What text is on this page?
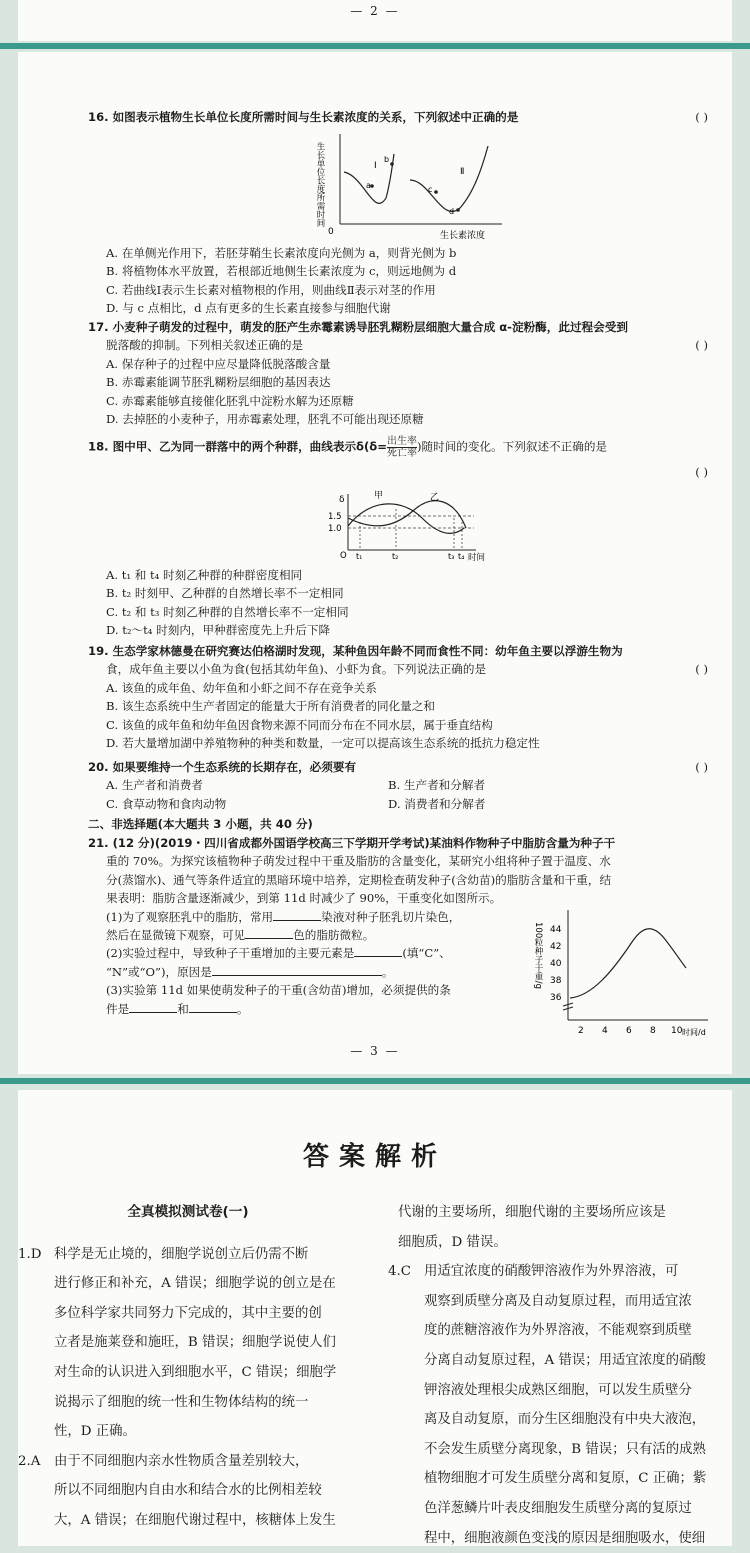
— 2 —

( )
16. 如图表示植物生长单位长度所需时间与生长素浓度的关系，下列叙述中正确的是

生长单位长度所需时间
0	生长素浓度
Ⅰ
Ⅱ
a
b
c
d

A. 在单侧光作用下，若胚芽鞘生长素浓度向光侧为 a，则背光侧为 b

B. 将植物体水平放置，若根部近地侧生长素浓度为 c，则远地侧为 d

C. 若曲线Ⅰ表示生长素对植物根的作用，则曲线Ⅱ表示对茎的作用

D. 与 c 点相比，d 点有更多的生长素直接参与细胞代谢

17. 小麦种子萌发的过程中，萌发的胚产生赤霉素诱导胚乳糊粉层细胞大量合成 α-淀粉酶，此过程会受到

( )
脱落酸的抑制。下列相关叙述正确的是

A. 保存种子的过程中应尽量降低脱落酸含量

B. 赤霉素能调节胚乳糊粉层细胞的基因表达

C. 赤霉素能够直接催化胚乳中淀粉水解为还原糖

D. 去掉胚的小麦种子，用赤霉素处理，胚乳不可能出现还原糖

18. 图中甲、乙为同一群落中的两个种群，曲线表示$\delta(\delta= \frac{\text{出生率}}{\text{死亡率}}$ )随时间的变化。下列叙述不正确的是

( )

δ
1.5
1.0
甲	乙
O t₁	t₂	t₃ t₄ 时间

A. t₁ 和 t₄ 时刻乙种群的种群密度相同

B. t₂ 时刻甲、乙种群的自然增长率不一定相同

C. t₂ 和 t₃ 时刻乙种群的自然增长率不一定相同

D. t₂～t₄ 时刻内，甲种群密度先上升后下降

19. 生态学家林德曼在研究赛达伯格湖时发现，某种鱼因年龄不同而食性不同：幼年鱼主要以浮游生物为

( )
食，成年鱼主要以小鱼为食(包括其幼年鱼)、小虾为食。下列说法正确的是

A. 该鱼的成年鱼、幼年鱼和小虾之间不存在竞争关系

B. 该生态系统中生产者固定的能量大于所有消费者的同化量之和

C. 该鱼的成年鱼和幼年鱼因食物来源不同而分布在不同水层，属于垂直结构

D. 若大量增加湖中养殖物种的种类和数量，一定可以提高该生态系统的抵抗力稳定性

( )
20. 如果要维持一个生态系统的长期存在，必须要有

A. 生产者和消费者	B. 生产者和分解者

C. 食草动物和食肉动物	D. 消费者和分解者

二、非选择题(本大题共 3 小题，共 40 分)

21. (12 分)(2019・四川省成都外国语学校高三下学期开学考试)某油料作物种子中脂肪含量为种子干

重的 70%。为探究该植物种子萌发过程中干重及脂肪的含量变化，某研究小组将种子置于温度、水

分(蒸馏水)、通气等条件适宜的黑暗环境中培养，定期检查萌发种子(含幼苗)的脂肪含量和干重，结

果表明：脂肪含量逐渐减少，到第 11d 时减少了 90%，干重变化如图所示。

(1)为了观察胚乳中的脂肪，常用	染液对种子胚乳切片染色，

然后在显微镜下观察，可见	色的脂肪微粒。

(2)实验过程中，导致种子干重增加的主要元素是	(填“C”、

“N”或“O”)，原因是	。

(3)实验第 11d 如果使萌发种子的干重(含幼苗)增加，必须提供的条

件是	和	。

100粒种子干重/g 44
42
40
38
36
2 4 6 8 10 时间/d
— 3 —
答案解析

全真模拟测试卷(一)

1.D 科学是无止境的，细胞学说创立后仍需不断

进行修正和补充，A 错误；细胞学说的创立是在

多位科学家共同努力下完成的，其中主要的创

立者是施莱登和施旺，B 错误；细胞学说使人们

对生命的认识进入到细胞水平，C 错误；细胞学

说揭示了细胞的统一性和生物体结构的统一

性，D 正确。

2.A 由于不同细胞内亲水性物质含量差别较大，

所以不同细胞内自由水和结合水的比例相差较

大，A 错误；在细胞代谢过程中，核糖体上发生

代谢的主要场所，细胞代谢的主要场所应该是

细胞质，D 错误。

4.C 用适宜浓度的硝酸钾溶液作为外界溶液，可

观察到质壁分离及自动复原过程，而用适宜浓

度的蔗糖溶液作为外界溶液，不能观察到质壁

分离自动复原过程，A 错误；用适宜浓度的硝酸

钾溶液处理根尖成熟区细胞，可以发生质壁分

离及自动复原，而分生区细胞没有中央大液泡，

不会发生质壁分离现象，B 错误；只有活的成熟

植物细胞才可发生质壁分离和复原，C 正确；紫

色洋葱鳞片叶表皮细胞发生质壁分离的复原过

程中，细胞液颜色变浅的原因是细胞吸水，使细
